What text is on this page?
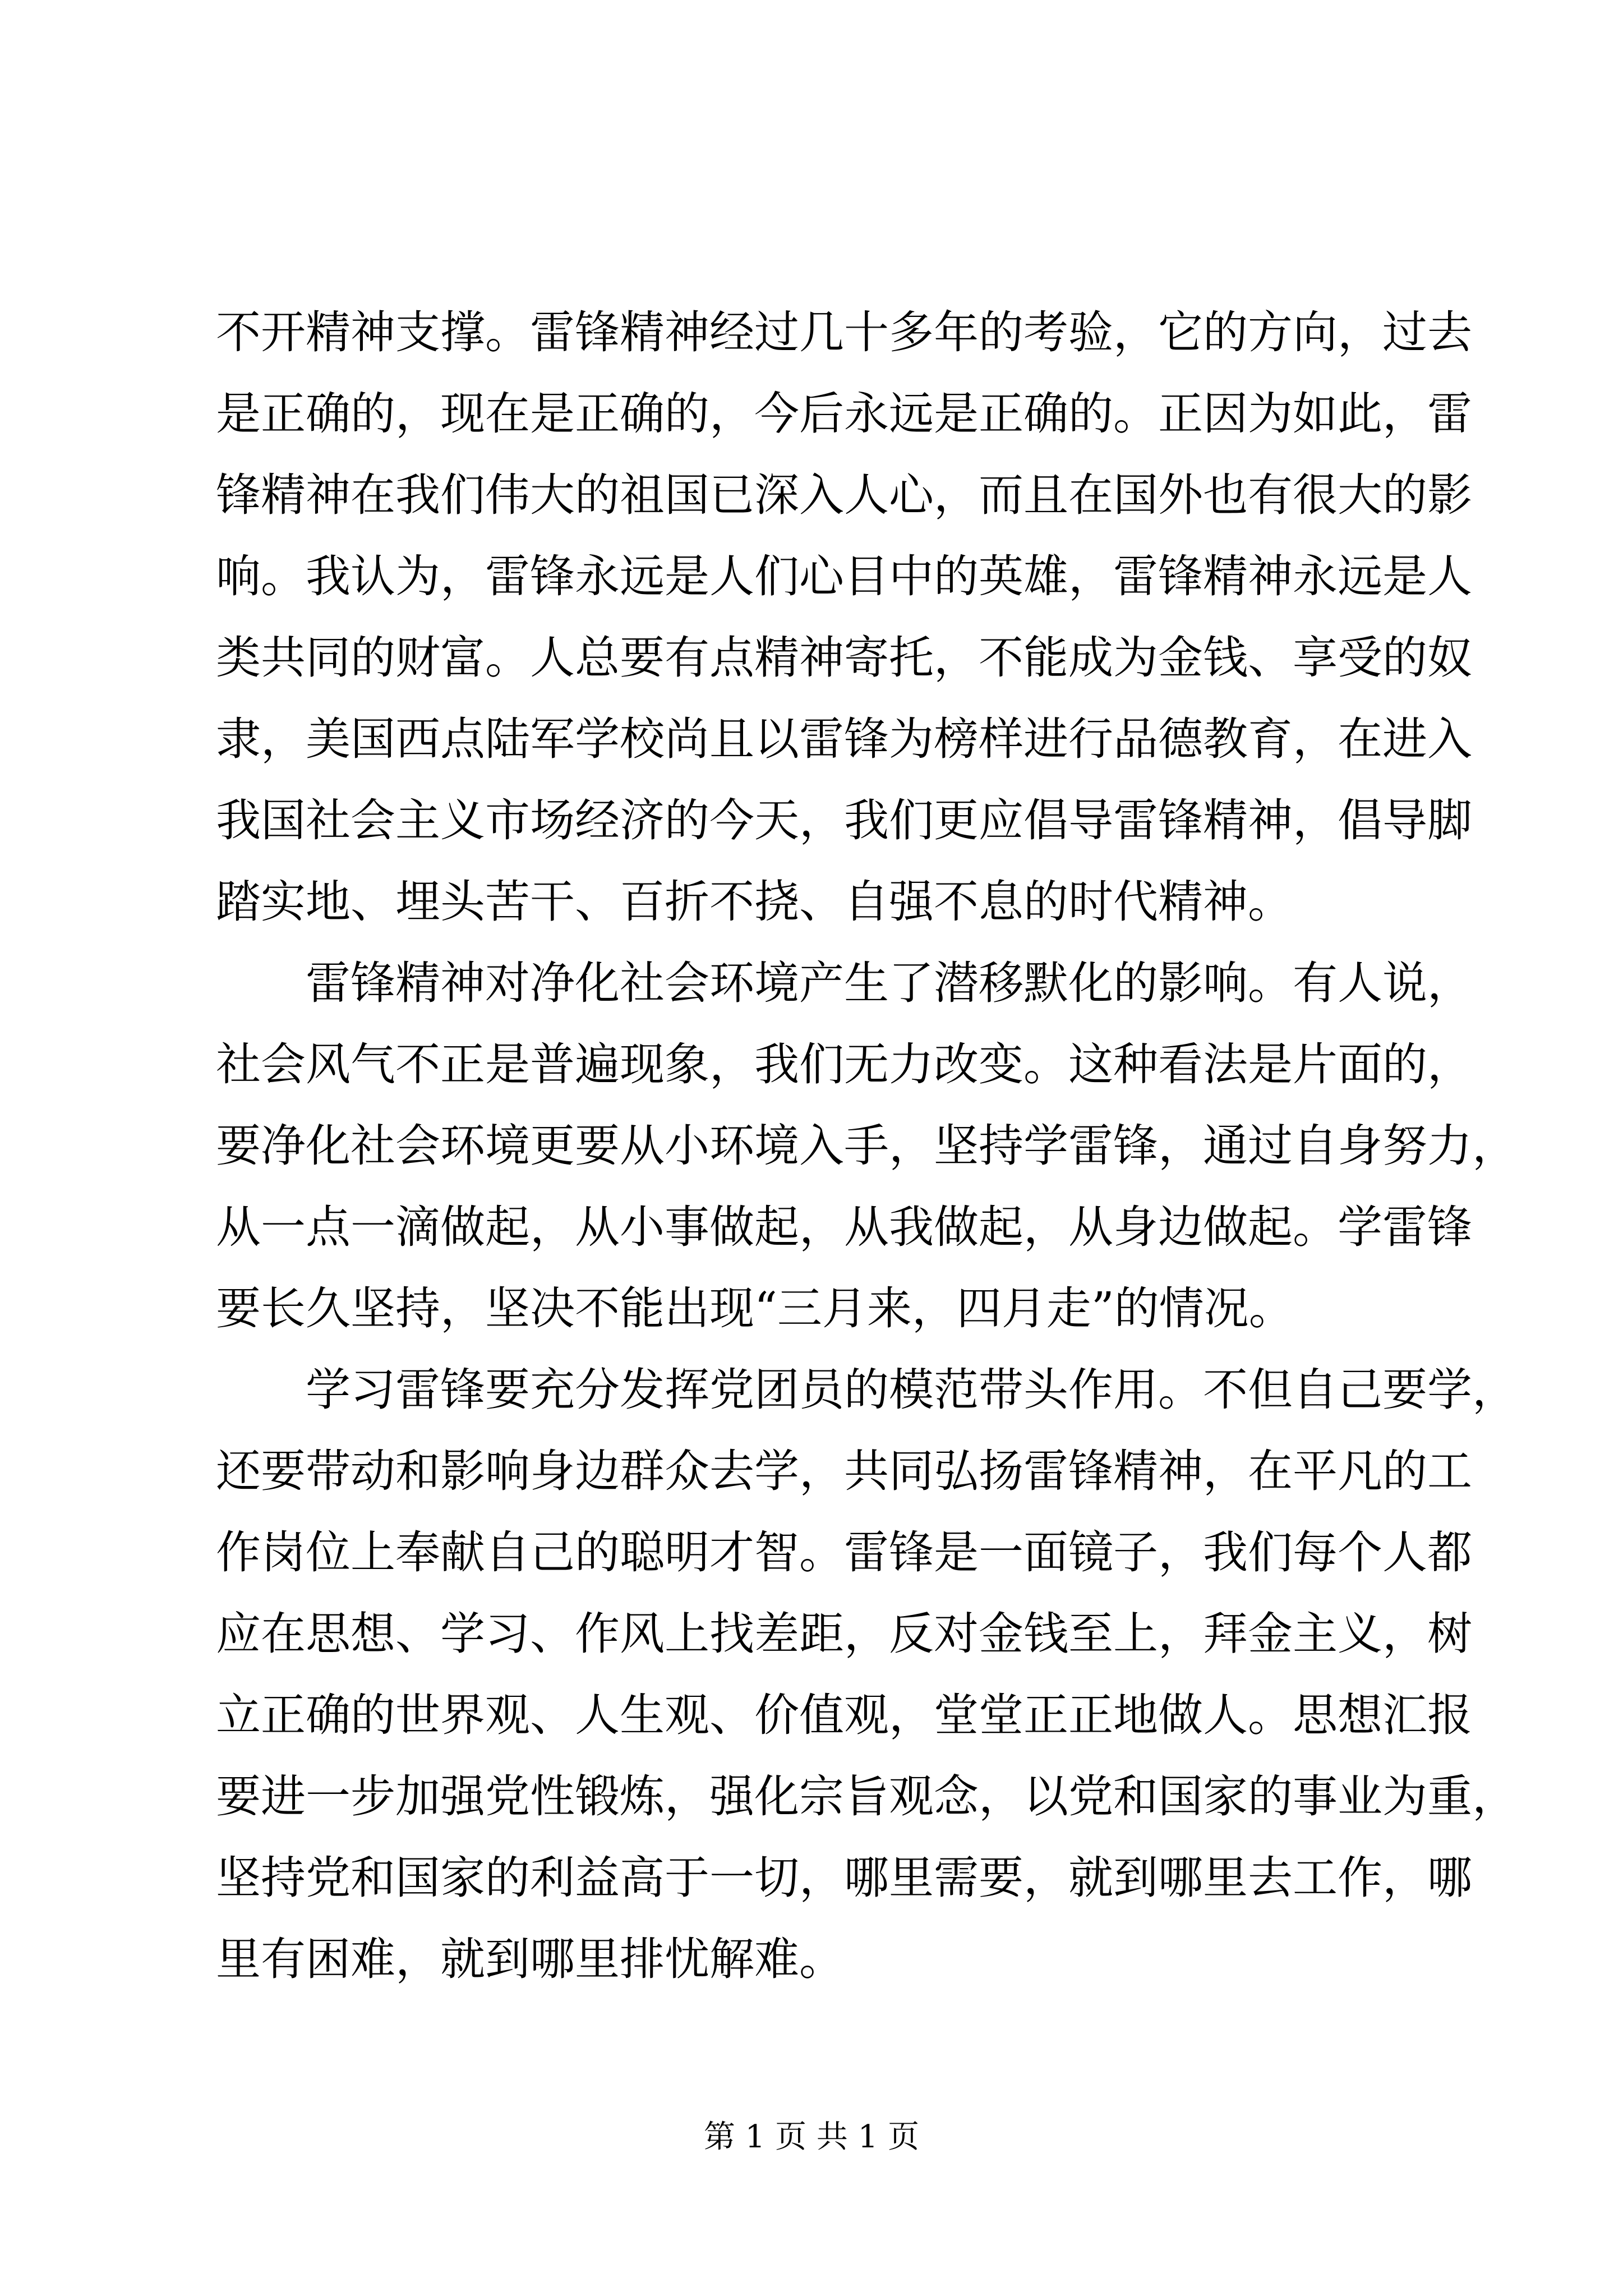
不开精神支撑。雷锋精神经过几十多年的考验，它的方向，过去
是正确的，现在是正确的，今后永远是正确的。正因为如此，雷
锋精神在我们伟大的祖国已深入人心，而且在国外也有很大的影
响。我认为，雷锋永远是人们心目中的英雄，雷锋精神永远是人
类共同的财富。人总要有点精神寄托，不能成为金钱、享受的奴
隶，美国西点陆军学校尚且以雷锋为榜样进行品德教育，在进入
我国社会主义市场经济的今天，我们更应倡导雷锋精神，倡导脚
踏实地、埋头苦干、百折不挠、自强不息的时代精神。
雷锋精神对净化社会环境产生了潜移默化的影响。有人说，
社会风气不正是普遍现象，我们无力改变。这种看法是片面的，
要净化社会环境更要从小环境入手，坚持学雷锋，通过自身努力，
从一点一滴做起，从小事做起，从我做起，从身边做起。学雷锋
要长久坚持，坚决不能出现“三月来，四月走”的情况。
学习雷锋要充分发挥党团员的模范带头作用。不但自己要学，
还要带动和影响身边群众去学，共同弘扬雷锋精神，在平凡的工
作岗位上奉献自己的聪明才智。雷锋是一面镜子，我们每个人都
应在思想、学习、作风上找差距，反对金钱至上，拜金主义，树
立正确的世界观、人生观、价值观，堂堂正正地做人。思想汇报
要进一步加强党性锻炼，强化宗旨观念，以党和国家的事业为重，
坚持党和国家的利益高于一切，哪里需要，就到哪里去工作，哪
里有困难，就到哪里排忧解难。
第 1 页 共 1 页
